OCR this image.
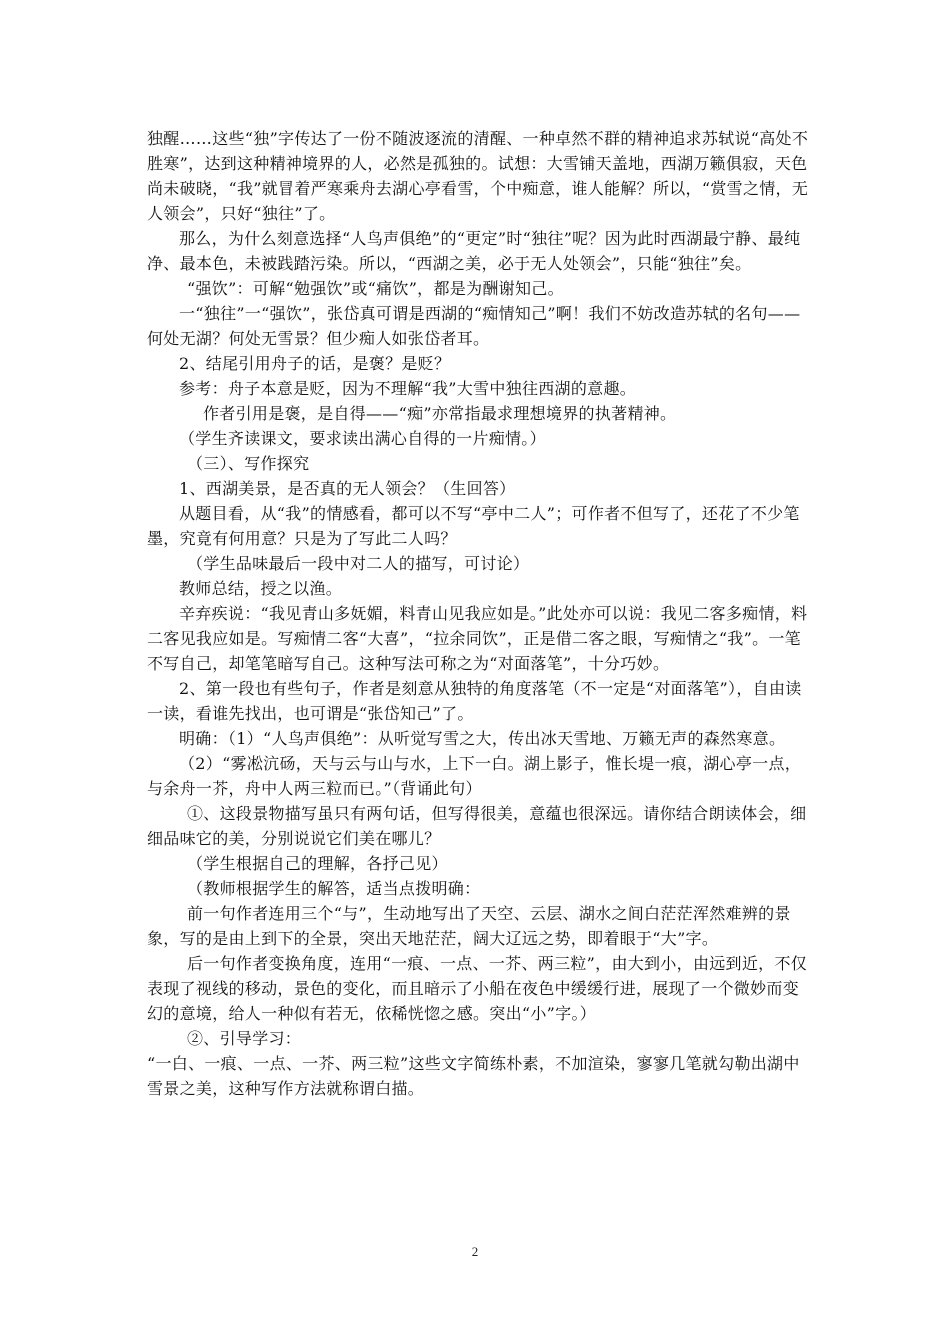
独醒……这些“独”字传达了一份不随波逐流的清醒、一种卓然不群的精神追求苏轼说“高处不胜寒”，达到这种精神境界的人，必然是孤独的。试想：大雪铺天盖地，西湖万籁俱寂，天色尚未破晓，“我”就冒着严寒乘舟去湖心亭看雪，个中痴意，谁人能解？所以，“赏雪之情，无人领会”，只好“独往”了。

那么，为什么刻意选择“人鸟声俱绝”的“更定”时“独往”呢？因为此时西湖最宁静、最纯净、最本色，未被践踏污染。所以，“西湖之美，必于无人处领会”，只能“独往”矣。

“强饮”：可解“勉强饮”或“痛饮”，都是为酬谢知己。

一“独往”一“强饮”，张岱真可谓是西湖的“痴情知己”啊！我们不妨改造苏轼的名句——何处无湖？何处无雪景？但少痴人如张岱者耳。

2、结尾引用舟子的话，是褒？是贬？

参考：舟子本意是贬，因为不理解“我”大雪中独往西湖的意趣。

作者引用是褒，是自得——“痴”亦常指最求理想境界的执著精神。

（学生齐读课文，要求读出满心自得的一片痴情。）

（三）、写作探究

1、西湖美景，是否真的无人领会？（生回答）

从题目看，从“我”的情感看，都可以不写“亭中二人”；可作者不但写了，还花了不少笔墨，究竟有何用意？只是为了写此二人吗？

（学生品味最后一段中对二人的描写，可讨论）

教师总结，授之以渔。

辛弃疾说：“我见青山多妩媚，料青山见我应如是。”此处亦可以说：我见二客多痴情，料二客见我应如是。写痴情二客“大喜”，“拉余同饮”，正是借二客之眼，写痴情之“我”。一笔不写自己，却笔笔暗写自己。这种写法可称之为“对面落笔”，十分巧妙。

2、第一段也有些句子，作者是刻意从独特的角度落笔（不一定是“对面落笔”），自由读一读，看谁先找出，也可谓是“张岱知己”了。

明确：（1）“人鸟声俱绝”：从听觉写雪之大，传出冰天雪地、万籁无声的森然寒意。

（2）“雾凇沆砀，天与云与山与水，上下一白。湖上影子，惟长堤一痕，湖心亭一点，与余舟一芥，舟中人两三粒而已。”（背诵此句）

①、这段景物描写虽只有两句话，但写得很美，意蕴也很深远。请你结合朗读体会，细细品味它的美，分别说说它们美在哪儿？

（学生根据自己的理解，各抒己见）

（教师根据学生的解答，适当点拨明确：

前一句作者连用三个“与”，生动地写出了天空、云层、湖水之间白茫茫浑然难辨的景象，写的是由上到下的全景，突出天地茫茫，阔大辽远之势，即着眼于“大”字。

后一句作者变换角度，连用“一痕、一点、一芥、两三粒”，由大到小，由远到近，不仅表现了视线的移动，景色的变化，而且暗示了小船在夜色中缓缓行进，展现了一个微妙而变幻的意境，给人一种似有若无，依稀恍惚之感。突出“小”字。）

②、引导学习：

“一白、一痕、一点、一芥、两三粒”这些文字简练朴素，不加渲染，寥寥几笔就勾勒出湖中雪景之美，这种写作方法就称谓白描。

2
